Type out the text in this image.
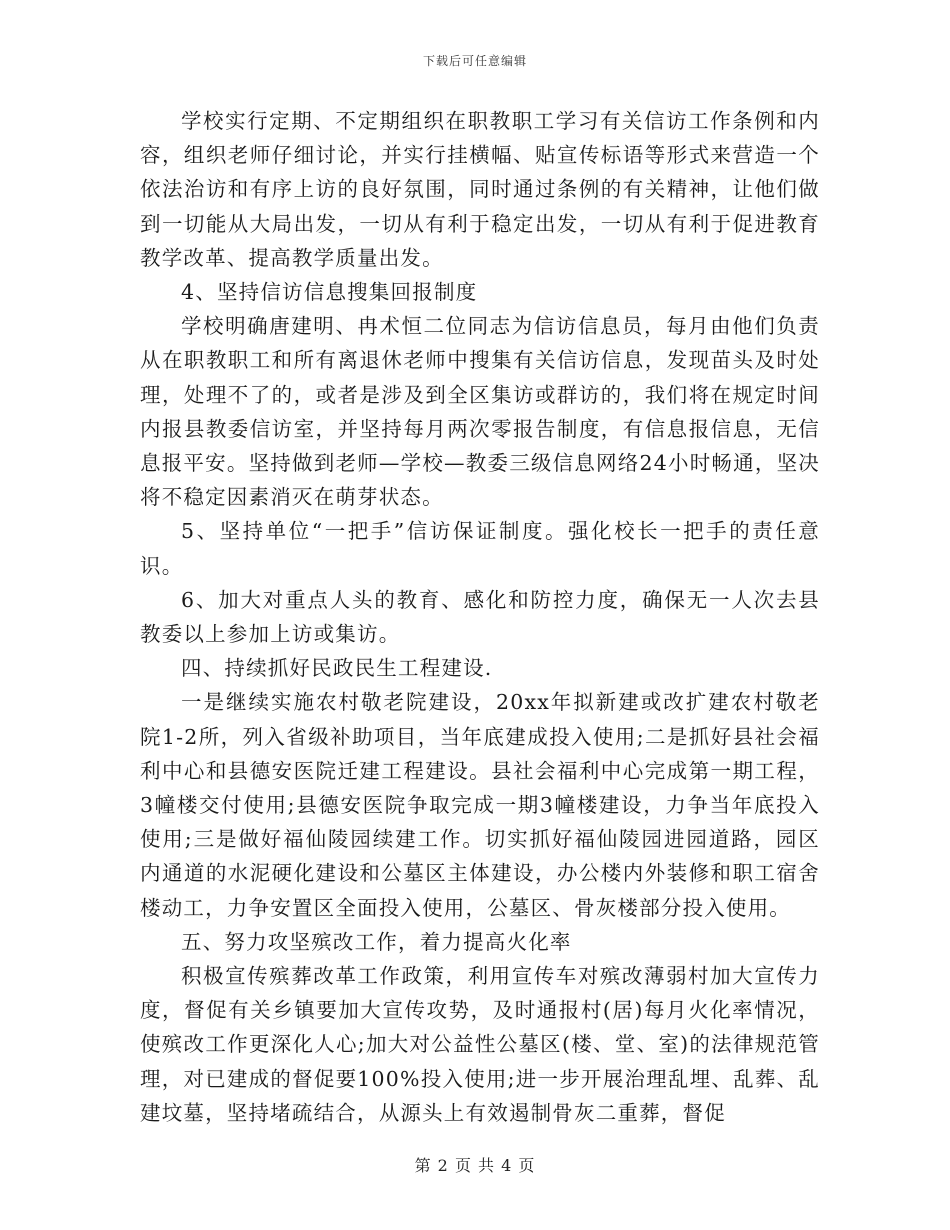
下载后可任意编辑

学校实行定期、不定期组织在职教职工学习有关信访工作条例和内容，组织老师仔细讨论，并实行挂横幅、贴宣传标语等形式来营造一个依法治访和有序上访的良好氛围，同时通过条例的有关精神，让他们做到一切能从大局出发，一切从有利于稳定出发，一切从有利于促进教育教学改革、提高教学质量出发。

4、坚持信访信息搜集回报制度

学校明确唐建明、冉术恒二位同志为信访信息员，每月由他们负责从在职教职工和所有离退休老师中搜集有关信访信息，发现苗头及时处理，处理不了的，或者是涉及到全区集访或群访的，我们将在规定时间内报县教委信访室，并坚持每月两次零报告制度，有信息报信息，无信息报平安。坚持做到老师—学校—教委三级信息网络24小时畅通，坚决将不稳定因素消灭在萌芽状态。

5、坚持单位“一把手”信访保证制度。强化校长一把手的责任意识。

6、加大对重点人头的教育、感化和防控力度，确保无一人次去县教委以上参加上访或集访。

四、持续抓好民政民生工程建设.

一是继续实施农村敬老院建设，20xx年拟新建或改扩建农村敬老院1-2所，列入省级补助项目，当年底建成投入使用;二是抓好县社会福利中心和县德安医院迁建工程建设。县社会福利中心完成第一期工程，3幢楼交付使用;县德安医院争取完成一期3幢楼建设，力争当年底投入使用;三是做好福仙陵园续建工作。切实抓好福仙陵园进园道路，园区内通道的水泥硬化建设和公墓区主体建设，办公楼内外装修和职工宿舍楼动工，力争安置区全面投入使用，公墓区、骨灰楼部分投入使用。

五、努力攻坚殡改工作，着力提高火化率

积极宣传殡葬改革工作政策，利用宣传车对殡改薄弱村加大宣传力度，督促有关乡镇要加大宣传攻势，及时通报村(居)每月火化率情况，使殡改工作更深化人心;加大对公益性公墓区(楼、堂、室)的法律规范管理，对已建成的督促要100%投入使用;进一步开展治理乱埋、乱葬、乱建坟墓，坚持堵疏结合，从源头上有效遏制骨灰二重葬，督促

第 2 页 共 4 页
